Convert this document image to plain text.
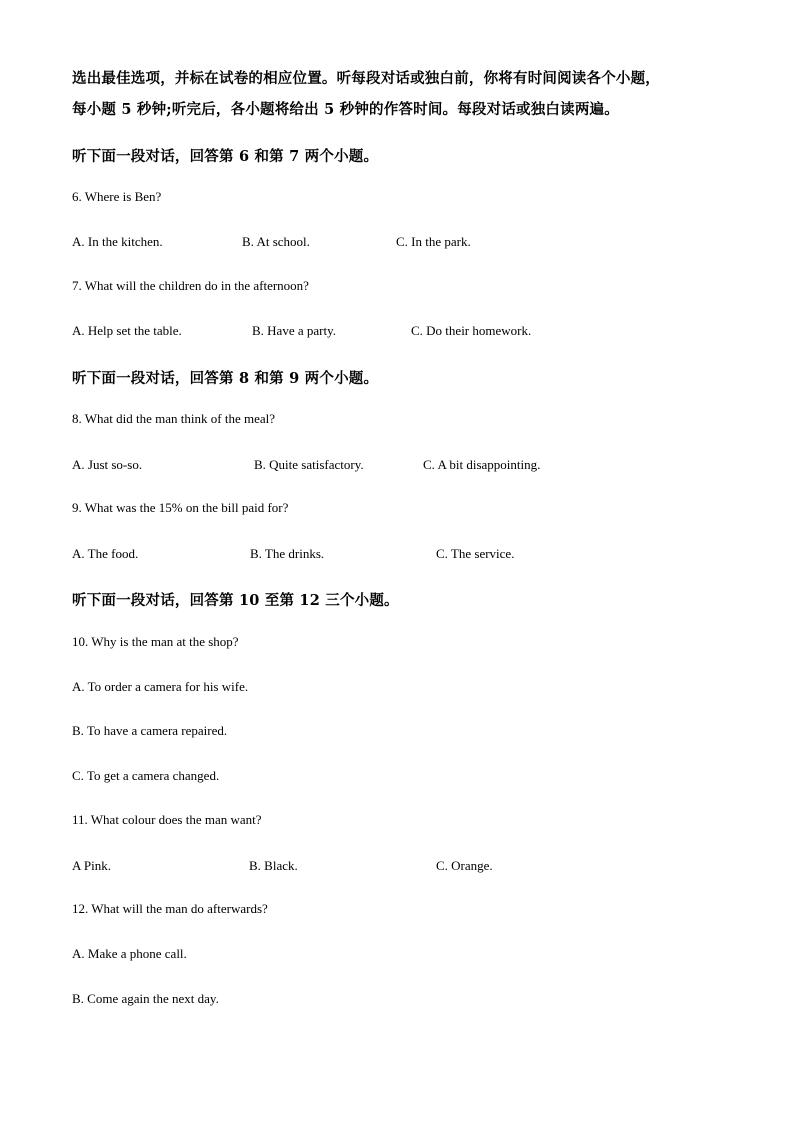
选出最佳选项，并标在试卷的相应位置。听每段对话或独白前，你将有时间阅读各个小题，
每小题 5 秒钟;听完后，各小题将给出 5 秒钟的作答时间。每段对话或独白读两遍。
听下面一段对话，回答第 6 和第 7 两个小题。
6. Where is Ben?
A. In the kitchen.	B. At school.	C. In the park.
7. What will the children do in the afternoon?
A. Help set the table.	B. Have a party.	C. Do their homework.
听下面一段对话，回答第 8 和第 9 两个小题。
8. What did the man think of the meal?
A. Just so-so.	B. Quite satisfactory.	C. A bit disappointing.
9. What was the 15% on the bill paid for?
A. The food.	B. The drinks.	C. The service.
听下面一段对话，回答第 10 至第 12 三个小题。
10. Why is the man at the shop?
A. To order a camera for his wife.
B. To have a camera repaired.
C. To get a camera changed.
11. What colour does the man want?
A Pink.	B. Black.	C. Orange.
12. What will the man do afterwards?
A. Make a phone call.
B. Come again the next day.
